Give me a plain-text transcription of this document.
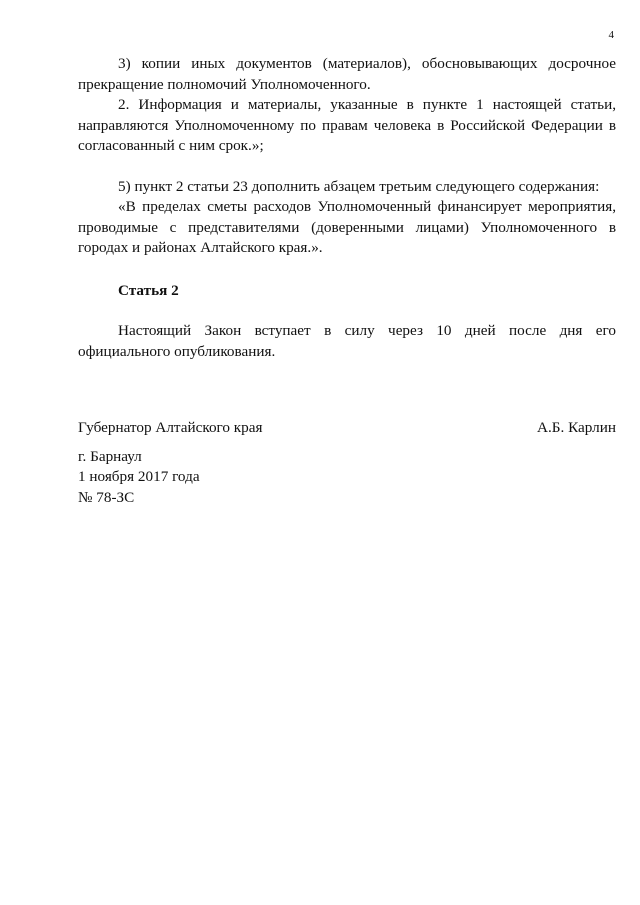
4

3) копии иных документов (материалов), обосновывающих досрочное прекращение полномочий Уполномоченного.

2. Информация и материалы, указанные в пункте 1 настоящей статьи, направляются Уполномоченному по правам человека в Российской Федерации в согласованный с ним срок.»;

5) пункт 2 статьи 23 дополнить абзацем третьим следующего содержания:

«В пределах сметы расходов Уполномоченный финансирует мероприятия, проводимые с представителями (доверенными лицами) Уполномоченного в городах и районах Алтайского края.».

Статья 2

Настоящий Закон вступает в силу через 10 дней после дня его официального опубликования.

Губернатор Алтайского края	А.Б. Карлин

г. Барнаул

1 ноября 2017 года

№ 78-ЗС
